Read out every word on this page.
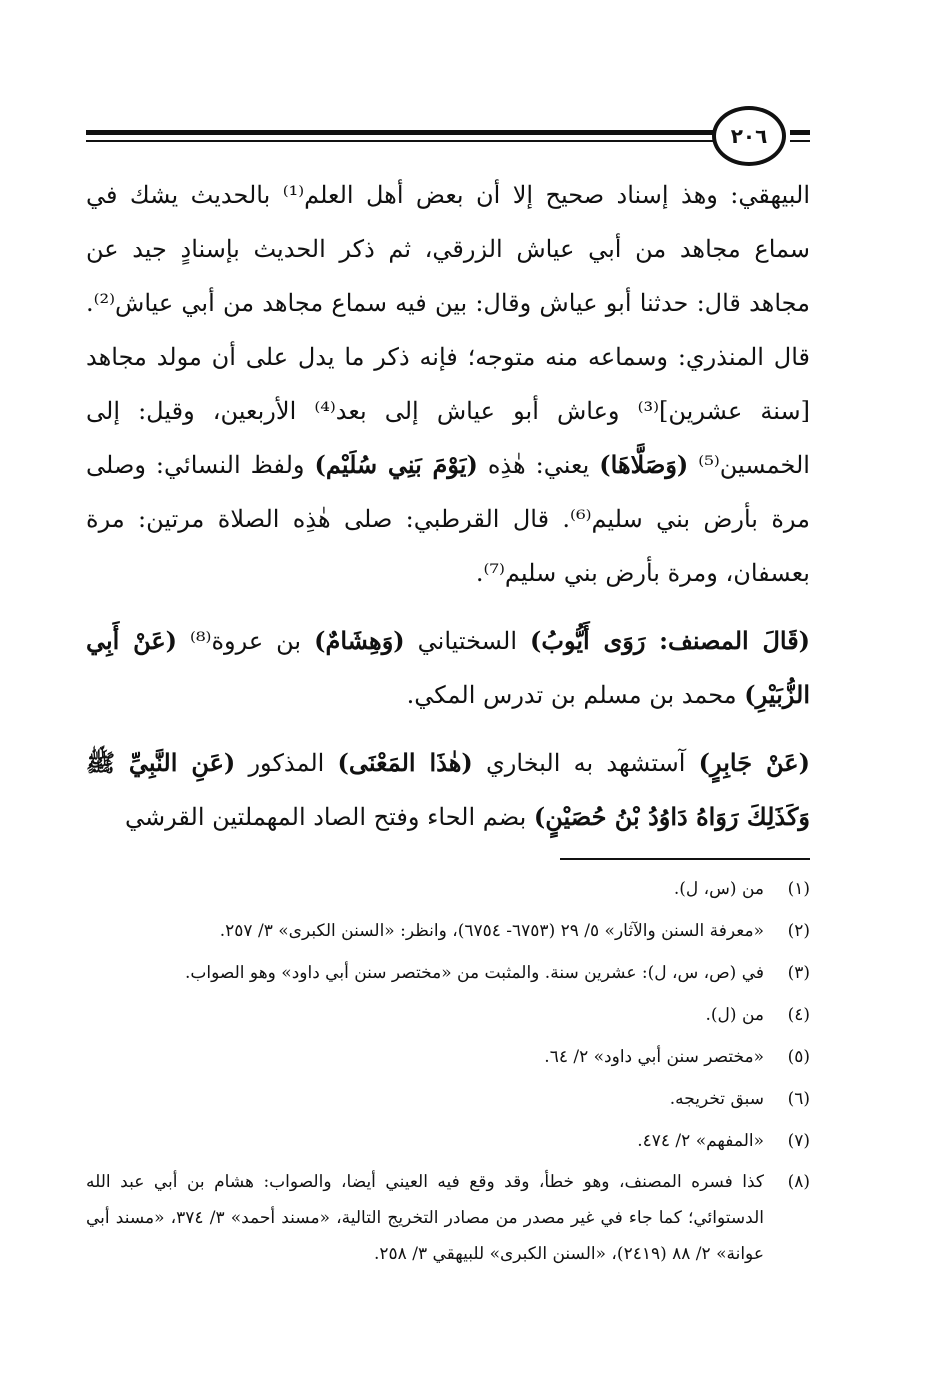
٢٠٦

البيهقي: وهذ إسناد صحيح إلا أن بعض أهل العلم⁽¹⁾ بالحديث يشك في سماع مجاهد من أبي عياش الزرقي، ثم ذكر الحديث بإسنادٍ جيد عن مجاهد قال: حدثنا أبو عياش وقال: بين فيه سماع مجاهد من أبي عياش⁽²⁾. قال المنذري: وسماعه منه متوجه؛ فإنه ذكر ما يدل على أن مولد مجاهد [سنة عشرين]⁽³⁾ وعاش أبو عياش إلى بعد⁽⁴⁾ الأربعين، وقيل: إلى الخمسين⁽⁵⁾ (وَصَلَّاهَا) يعني: هٰذِه (يَوْمَ بَنِي سُلَيْم) ولفظ النسائي: وصلى مرة بأرض بني سليم⁽⁶⁾. قال القرطبي: صلى هٰذِه الصلاة مرتين: مرة بعسفان، ومرة بأرض بني سليم⁽⁷⁾.

(قَالَ المصنف: رَوَى أَيُّوبُ) السختياني (وَهِشَامٌ) بن عروة⁽⁸⁾ (عَنْ أَبِي الزُّبَيْرِ) محمد بن مسلم بن تدرس المكي.

(عَنْ جَابِرٍ) آستشهد به البخاري (هٰذَا المَعْنَى) المذكور (عَنِ النَّبِيِّ ﷺ وَكَذَلِكَ رَوَاهُ دَاوُدُ بْنُ حُصَيْنٍ) بضم الحاء وفتح الصاد المهملتين القرشي

(١)
من (س، ل).
(٢)
«معرفة السنن والآثار» ٥/ ٢٩ (٦٧٥٣- ٦٧٥٤)، وانظر: «السنن الكبرى» ٣/ ٢٥٧.
(٣)
في (ص، س، ل): عشرين سنة. والمثبت من «مختصر سنن أبي داود» وهو الصواب.
(٤)
من (ل).
(٥)
«مختصر سنن أبي داود» ٢/ ٦٤.
(٦)
سبق تخريجه.
(٧)
«المفهم» ٢/ ٤٧٤.
(٨)
كذا فسره المصنف، وهو خطأ، وقد وقع فيه العيني أيضا، والصواب: هشام بن أبي عبد الله الدستوائي؛ كما جاء في غير مصدر من مصادر التخريج التالية، «مسند أحمد» ٣/ ٣٧٤، «مسند أبي عوانة» ٢/ ٨٨ (٢٤١٩)، «السنن الكبرى» للبيهقي ٣/ ٢٥٨.
